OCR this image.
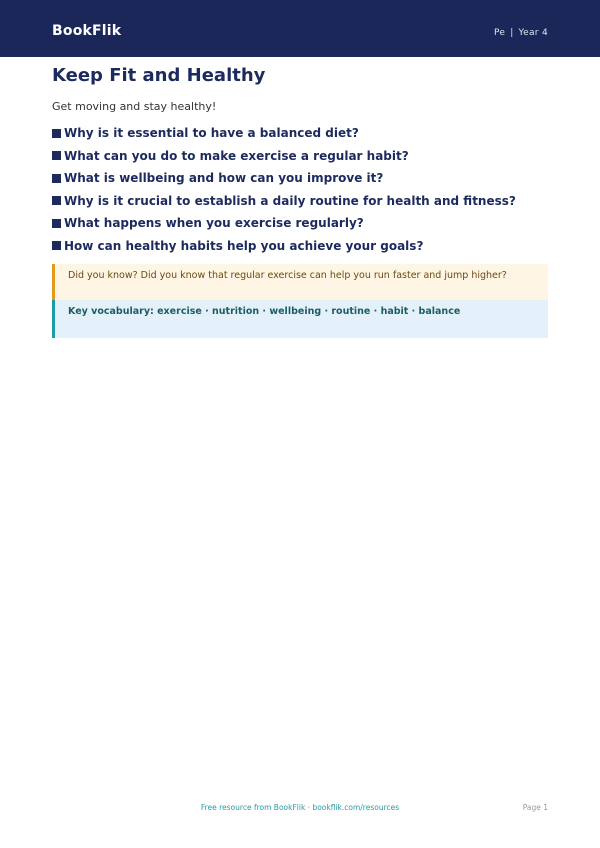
BookFlik	Pe | Year 4
Keep Fit and Healthy
Get moving and stay healthy!
Why is it essential to have a balanced diet?
What can you do to make exercise a regular habit?
What is wellbeing and how can you improve it?
Why is it crucial to establish a daily routine for health and fitness?
What happens when you exercise regularly?
How can healthy habits help you achieve your goals?
Did you know? Did you know that regular exercise can help you run faster and jump higher?
Key vocabulary: exercise · nutrition · wellbeing · routine · habit · balance
Free resource from BookFlik · bookflik.com/resources	Page 1
